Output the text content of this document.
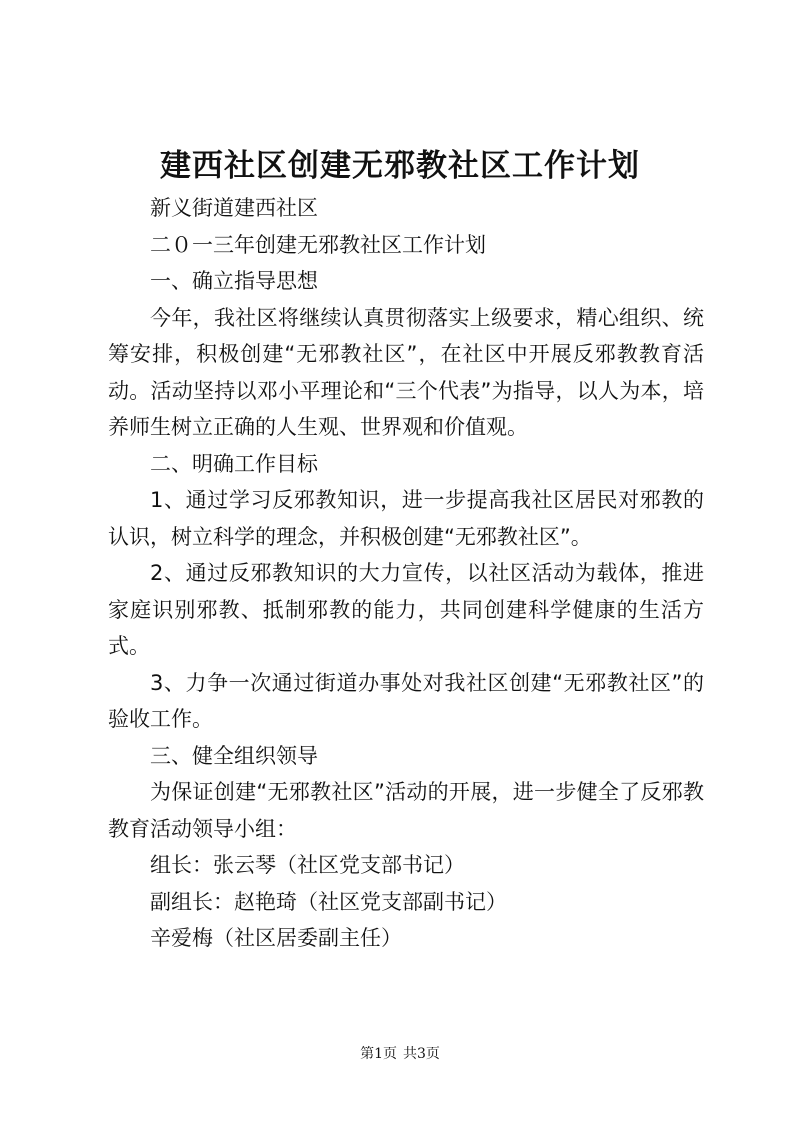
建西社区创建无邪教社区工作计划

新义街道建西社区

二０一三年创建无邪教社区工作计划

一、确立指导思想

今年，我社区将继续认真贯彻落实上级要求，精心组织、统筹安排，积极创建“无邪教社区”，在社区中开展反邪教教育活动。活动坚持以邓小平理论和“三个代表”为指导，以人为本，培养师生树立正确的人生观、世界观和价值观。

二、明确工作目标

1、通过学习反邪教知识，进一步提高我社区居民对邪教的认识，树立科学的理念，并积极创建“无邪教社区”。

2、通过反邪教知识的大力宣传，以社区活动为载体，推进家庭识别邪教、抵制邪教的能力，共同创建科学健康的生活方式。

3、力争一次通过街道办事处对我社区创建“无邪教社区”的验收工作。

三、健全组织领导

为保证创建“无邪教社区”活动的开展，进一步健全了反邪教教育活动领导小组：

组长：张云琴（社区党支部书记）

副组长：赵艳琦（社区党支部副书记）

辛爱梅（社区居委副主任）

第1页 共3页
